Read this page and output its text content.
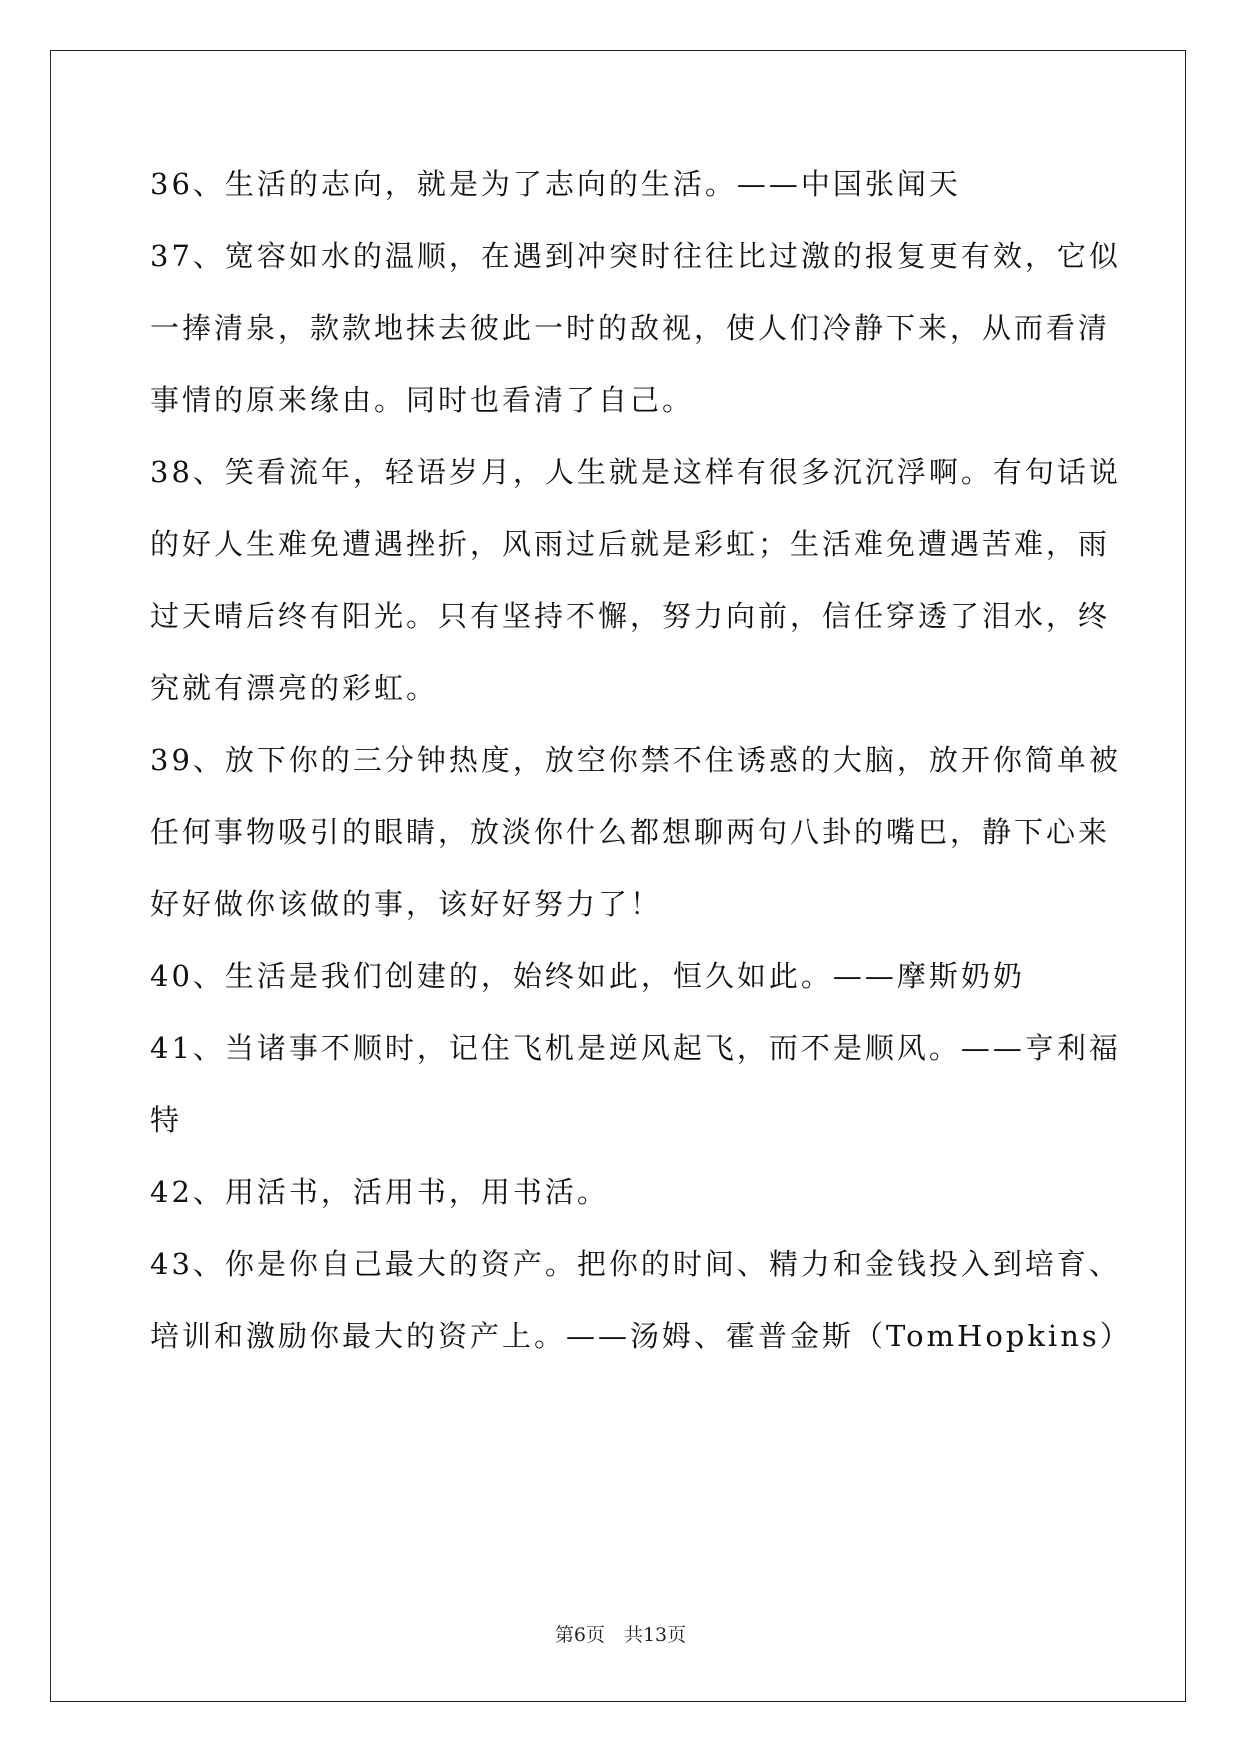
36、生活的志向，就是为了志向的生活。——中国张闻天
37、宽容如水的温顺，在遇到冲突时往往比过激的报复更有效，它似
一捧清泉，款款地抹去彼此一时的敌视，使人们冷静下来，从而看清
事情的原来缘由。同时也看清了自己。
38、笑看流年，轻语岁月，人生就是这样有很多沉沉浮啊。有句话说
的好人生难免遭遇挫折，风雨过后就是彩虹；生活难免遭遇苦难，雨
过天晴后终有阳光。只有坚持不懈，努力向前，信任穿透了泪水，终
究就有漂亮的彩虹。
39、放下你的三分钟热度，放空你禁不住诱惑的大脑，放开你简单被
任何事物吸引的眼睛，放淡你什么都想聊两句八卦的嘴巴，静下心来
好好做你该做的事，该好好努力了！
40、生活是我们创建的，始终如此，恒久如此。——摩斯奶奶
41、当诸事不顺时，记住飞机是逆风起飞，而不是顺风。——亨利福
特
42、用活书，活用书，用书活。
43、你是你自己最大的资产。把你的时间、精力和金钱投入到培育、
培训和激励你最大的资产上。——汤姆、霍普金斯（TomHopkins）
第6页　共13页
